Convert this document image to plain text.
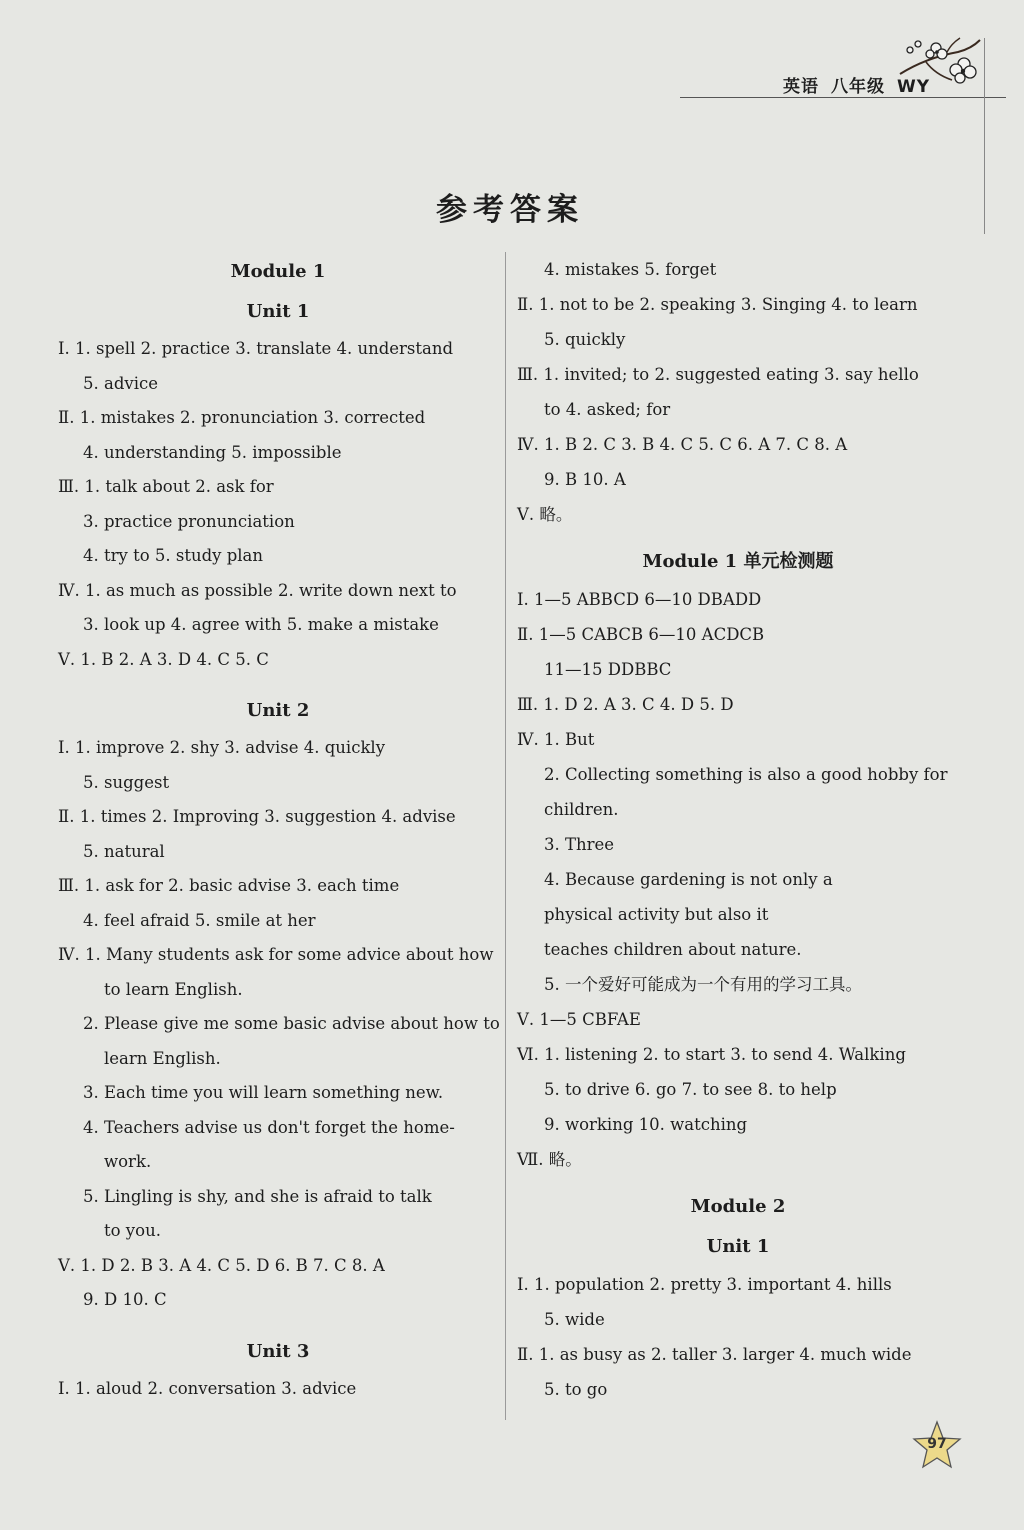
英语 八年级 WY
参考答案
Module 1
Unit 1
Ⅰ. 1. spell 2. practice 3. translate 4. understand
5. advice
Ⅱ. 1. mistakes 2. pronunciation 3. corrected
4. understanding 5. impossible
Ⅲ. 1. talk about 2. ask for
3. practice pronunciation
4. try to 5. study plan
Ⅳ. 1. as much as possible 2. write down next to
3. look up 4. agree with 5. make a mistake
Ⅴ. 1. B 2. A 3. D 4. C 5. C
Unit 2
Ⅰ. 1. improve 2. shy 3. advise 4. quickly
5. suggest
Ⅱ. 1. times 2. Improving 3. suggestion 4. advise
5. natural
Ⅲ. 1. ask for 2. basic advise 3. each time
4. feel afraid 5. smile at her
Ⅳ. 1. Many students ask for some advice about how
to learn English.
2. Please give me some basic advise about how to
learn English.
3. Each time you will learn something new.
4. Teachers advise us don't forget the home-
work.
5. Lingling is shy, and she is afraid to talk
to you.
Ⅴ. 1. D 2. B 3. A 4. C 5. D 6. B 7. C 8. A
9. D 10. C
Unit 3
Ⅰ. 1. aloud 2. conversation 3. advice
4. mistakes 5. forget
Ⅱ. 1. not to be 2. speaking 3. Singing 4. to learn
5. quickly
Ⅲ. 1. invited; to 2. suggested eating 3. say hello
to 4. asked; for
Ⅳ. 1. B 2. C 3. B 4. C 5. C 6. A 7. C 8. A
9. B 10. A
Ⅴ. 略。
Module 1 单元检测题
Ⅰ. 1—5 ABBCD 6—10 DBADD
Ⅱ. 1—5 CABCB 6—10 ACDCB
11—15 DDBBC
Ⅲ. 1. D 2. A 3. C 4. D 5. D
Ⅳ. 1. But
2. Collecting something is also a good hobby for
children.
3. Three
4. Because gardening is not only a
physical activity but also it
teaches children about nature.
5. 一个爱好可能成为一个有用的学习工具。
Ⅴ. 1—5 CBFAE
Ⅵ. 1. listening 2. to start 3. to send 4. Walking
5. to drive 6. go 7. to see 8. to help
9. working 10. watching
Ⅶ. 略。
Module 2
Unit 1
Ⅰ. 1. population 2. pretty 3. important 4. hills
5. wide
Ⅱ. 1. as busy as 2. taller 3. larger 4. much wide
5. to go
97
